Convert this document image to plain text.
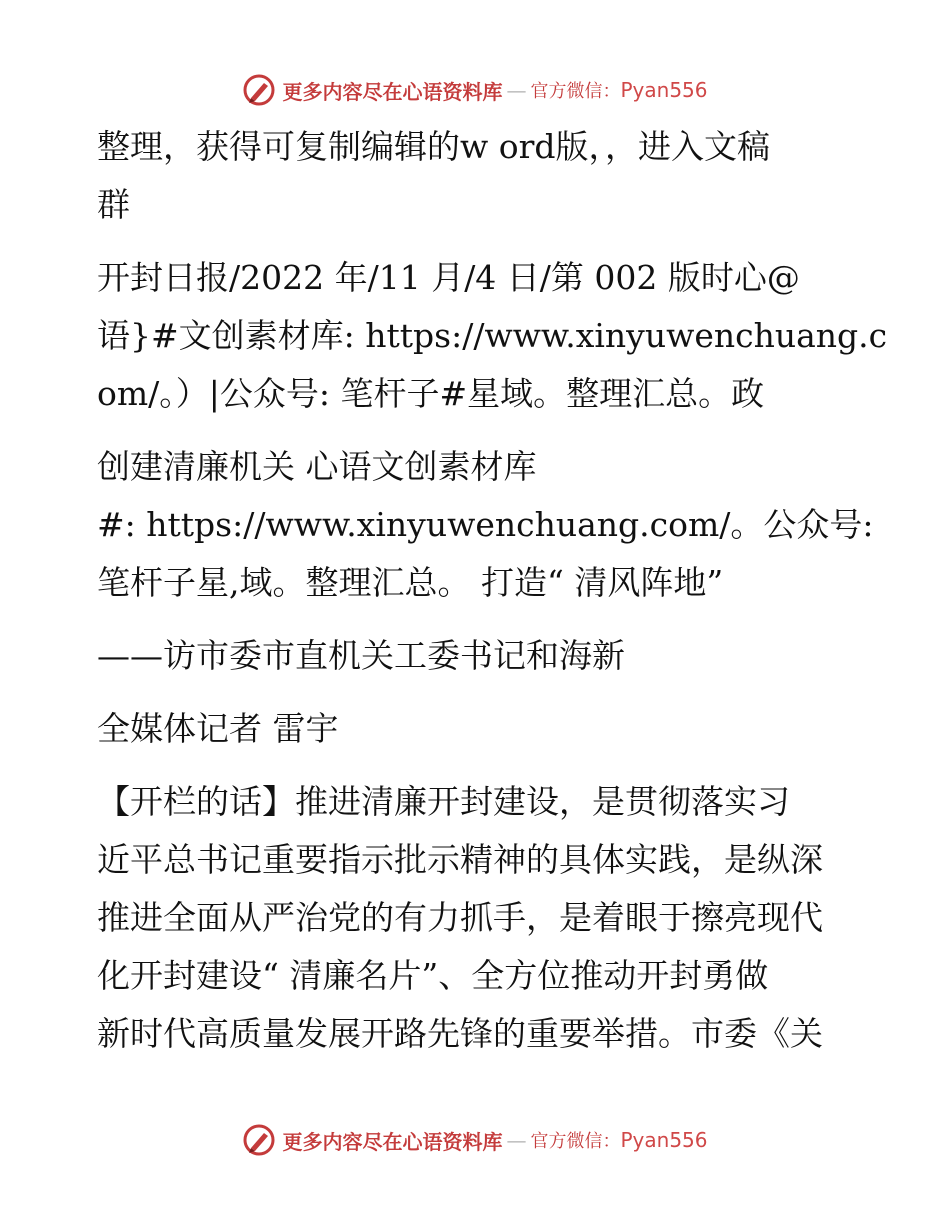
更多内容尽在心语资料库 — 官方微信： Pyan556

整理，获得可复制编辑的w ord版，，进入文稿
群

开封日报/2022 年/11 月/4 日/第 002 版时心@
语}#文创素材库: https://www.xinyuwenchuang.c
om/。）|公众号: 笔杆子#星域。整理汇总。政

创建清廉机关 心语文创素材库
#: https://www.xinyuwenchuang.com/。公众号:
笔杆子星,域。整理汇总。 打造“ 清风阵地”

——访市委市直机关工委书记和海新

全媒体记者 雷宇

【开栏的话】推进清廉开封建设，是贯彻落实习
近平总书记重要指示批示精神的具体实践，是纵深
推进全面从严治党的有力抓手，是着眼于擦亮现代
化开封建设“ 清廉名片”、全方位推动开封勇做
新时代高质量发展开路先锋的重要举措。市委《关

更多内容尽在心语资料库 — 官方微信： Pyan556
